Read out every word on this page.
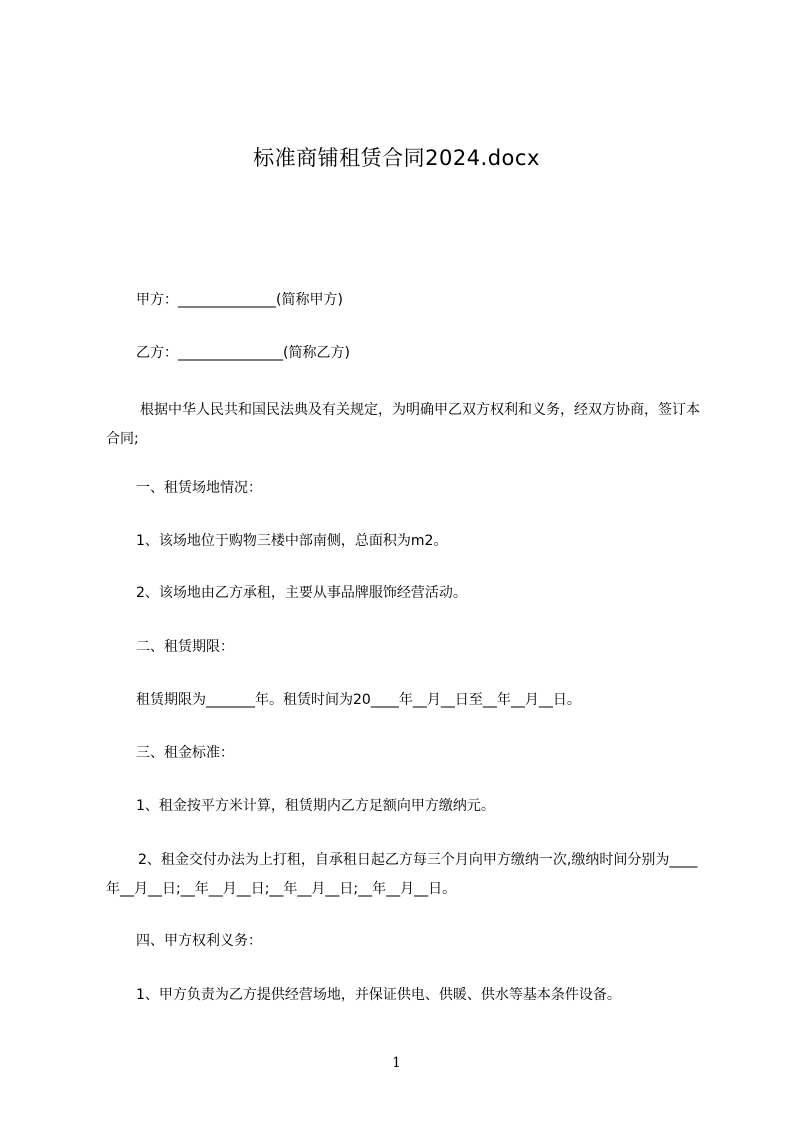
标准商铺租赁合同2024.docx
甲方：______________(简称甲方)
乙方：_______________(简称乙方)
根据中华人民共和国民法典及有关规定，为明确甲乙双方权利和义务，经双方协商，签订本合同;
一、租赁场地情况：
1、该场地位于购物三楼中部南侧，总面积为m2。
2、该场地由乙方承租，主要从事品牌服饰经营活动。
二、租赁期限：
租赁期限为_______年。租赁时间为20____年__月__日至__年__月__日。
三、租金标准：
1、租金按平方米计算，租赁期内乙方足额向甲方缴纳元。
2、租金交付办法为上打租，自承租日起乙方每三个月向甲方缴纳一次,缴纳时间分别为____年__月__日;__年__月__日;__年__月__日;__年__月__日。
四、甲方权利义务：
1、甲方负责为乙方提供经营场地，并保证供电、供暖、供水等基本条件设备。
1
